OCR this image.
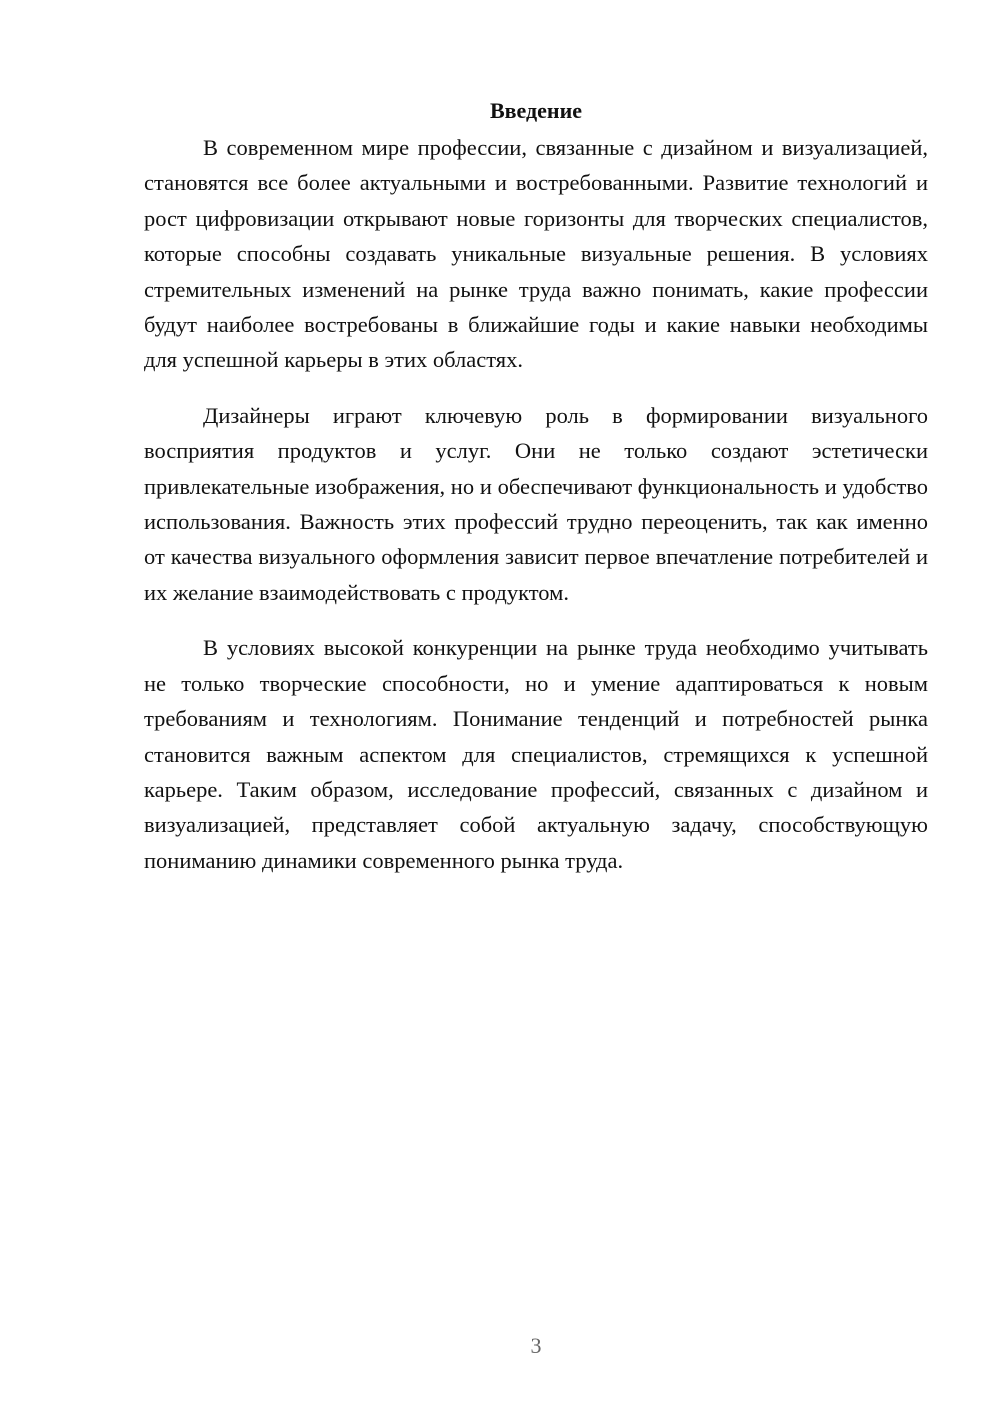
Введение

В современном мире профессии, связанные с дизайном и визуализацией, становятся все более актуальными и востребованными. Развитие технологий и рост цифровизации открывают новые горизонты для творческих специалистов, которые способны создавать уникальные визуальные решения. В условиях стремительных изменений на рынке труда важно понимать, какие профессии будут наиболее востребованы в ближайшие годы и какие навыки необходимы для успешной карьеры в этих областях.

Дизайнеры играют ключевую роль в формировании визуального восприятия продуктов и услуг. Они не только создают эстетически привлекательные изображения, но и обеспечивают функциональность и удобство использования. Важность этих профессий трудно переоценить, так как именно от качества визуального оформления зависит первое впечатление потребителей и их желание взаимодействовать с продуктом.

В условиях высокой конкуренции на рынке труда необходимо учитывать не только творческие способности, но и умение адаптироваться к новым требованиям и технологиям. Понимание тенденций и потребностей рынка становится важным аспектом для специалистов, стремящихся к успешной карьере. Таким образом, исследование профессий, связанных с дизайном и визуализацией, представляет собой актуальную задачу, способствующую пониманию динамики современного рынка труда.

3
